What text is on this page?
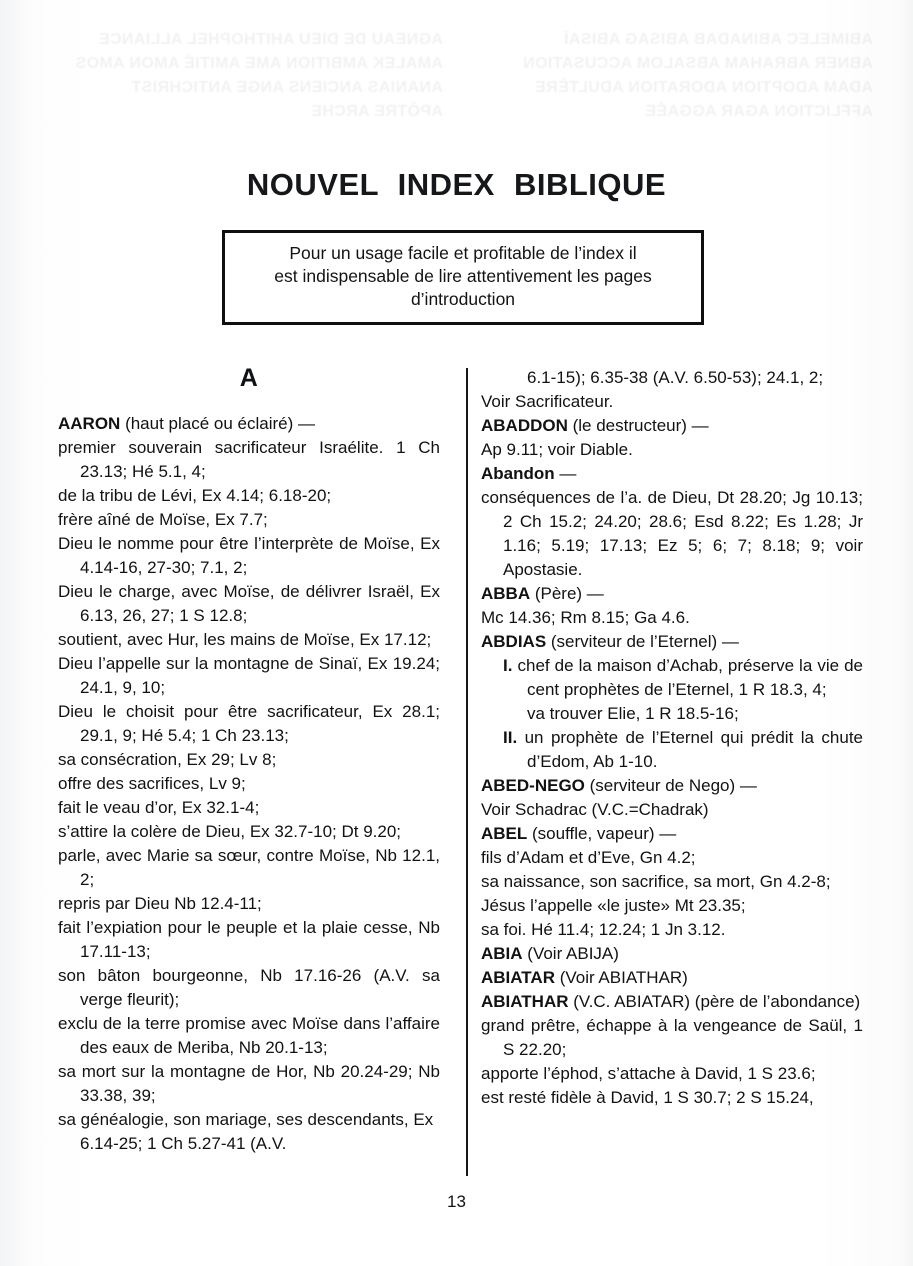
ABIMELEC ABINADAB ABISAG ABISAÏ ABNER ABRAHAM ABSALOM ACCUSATION ADAM ADOPTION ADORATION ADULTÈRE AFFLICTION AGAR AGGAÉE
AGNEAU DE DIEU AHITHOPHEL ALLIANCE AMALEK AMBITION AME AMITIÉ AMON AMOS ANANIAS ANCIENS ANGE ANTICHRIST APÔTRE ARCHE
NOUVEL INDEX BIBLIQUE
Pour un usage facile et profitable de l’index il
est indispensable de lire attentivement les pages
d’introduction
A

AARON (haut placé ou éclairé) —

premier souverain sacrificateur Israélite. 1 Ch 23.13; Hé 5.1, 4;

de la tribu de Lévi, Ex 4.14; 6.18-20;

frère aîné de Moïse, Ex 7.7;

Dieu le nomme pour être l’interprète de Moïse, Ex 4.14-16, 27-30; 7.1, 2;

Dieu le charge, avec Moïse, de délivrer Israël, Ex 6.13, 26, 27; 1 S 12.8;

soutient, avec Hur, les mains de Moïse, Ex 17.12;

Dieu l’appelle sur la montagne de Sinaï, Ex 19.24; 24.1, 9, 10;

Dieu le choisit pour être sacrificateur, Ex 28.1; 29.1, 9; Hé 5.4; 1 Ch 23.13;

sa consécration, Ex 29; Lv 8;

offre des sacrifices, Lv 9;

fait le veau d’or, Ex 32.1-4;

s’attire la colère de Dieu, Ex 32.7-10; Dt 9.20;

parle, avec Marie sa sœur, contre Moïse, Nb 12.1, 2;

repris par Dieu Nb 12.4-11;

fait l’expiation pour le peuple et la plaie cesse, Nb 17.11-13;

son bâton bourgeonne, Nb 17.16-26 (A.V. sa verge fleurit);

exclu de la terre promise avec Moïse dans l’affaire des eaux de Meriba, Nb 20.1-13;

sa mort sur la montagne de Hor, Nb 20.24-29; Nb 33.38, 39;

sa généalogie, son mariage, ses descendants, Ex 6.14-25; 1 Ch 5.27-41 (A.V.

6.1-15); 6.35-38 (A.V. 6.50-53); 24.1, 2;

Voir Sacrificateur.

ABADDON (le destructeur) —

Ap 9.11; voir Diable.

Abandon —

conséquences de l’a. de Dieu, Dt 28.20; Jg 10.13; 2 Ch 15.2; 24.20; 28.6; Esd 8.22; Es 1.28; Jr 1.16; 5.19; 17.13; Ez 5; 6; 7; 8.18; 9; voir Apostasie.

ABBA (Père) —

Mc 14.36; Rm 8.15; Ga 4.6.

ABDIAS (serviteur de l’Eternel) —

I. chef de la maison d’Achab, préserve la vie de cent prophètes de l’Eternel, 1 R 18.3, 4;

va trouver Elie, 1 R 18.5-16;

II. un prophète de l’Eternel qui prédit la chute d’Edom, Ab 1-10.

ABED-NEGO (serviteur de Nego) —

Voir Schadrac (V.C.=Chadrak)

ABEL (souffle, vapeur) —

fils d’Adam et d’Eve, Gn 4.2;

sa naissance, son sacrifice, sa mort, Gn 4.2-8;

Jésus l’appelle «le juste» Mt 23.35;

sa foi. Hé 11.4; 12.24; 1 Jn 3.12.

ABIA (Voir ABIJA)

ABIATAR (Voir ABIATHAR)

ABIATHAR (V.C. ABIATAR) (père de l’abondance)

grand prêtre, échappe à la vengeance de Saül, 1 S 22.20;

apporte l’éphod, s’attache à David, 1 S 23.6;

est resté fidèle à David, 1 S 30.7; 2 S 15.24,

13
